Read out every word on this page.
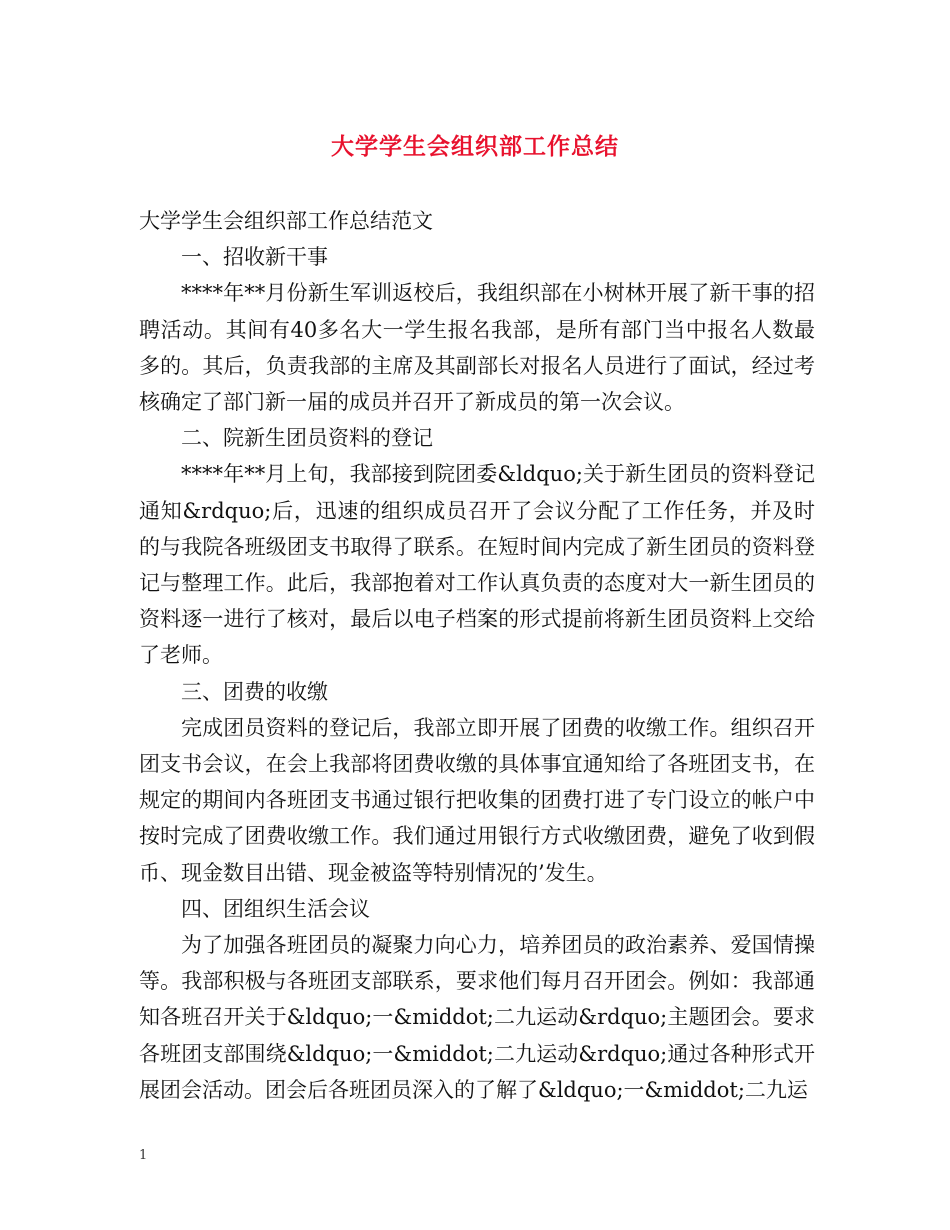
大学学生会组织部工作总结

大学学生会组织部工作总结范文

一、招收新干事

****年**月份新生军训返校后，我组织部在小树林开展了新干事的招聘活动。其间有40多名大一学生报名我部，是所有部门当中报名人数最多的。其后，负责我部的主席及其副部长对报名人员进行了面试，经过考核确定了部门新一届的成员并召开了新成员的第一次会议。

二、院新生团员资料的登记

****年**月上旬，我部接到院团委&ldquo;关于新生团员的资料登记通知&rdquo;后，迅速的组织成员召开了会议分配了工作任务，并及时的与我院各班级团支书取得了联系。在短时间内完成了新生团员的资料登记与整理工作。此后，我部抱着对工作认真负责的态度对大一新生团员的资料逐一进行了核对，最后以电子档案的形式提前将新生团员资料上交给了老师。

三、团费的收缴

完成团员资料的登记后，我部立即开展了团费的收缴工作。组织召开团支书会议，在会上我部将团费收缴的具体事宜通知给了各班团支书，在规定的期间内各班团支书通过银行把收集的团费打进了专门设立的帐户中按时完成了团费收缴工作。我们通过用银行方式收缴团费，避免了收到假币、现金数目出错、现金被盗等特别情况的’发生。

四、团组织生活会议

为了加强各班团员的凝聚力向心力，培养团员的政治素养、爱国情操等。我部积极与各班团支部联系，要求他们每月召开团会。例如：我部通知各班召开关于&ldquo;一&middot;二九运动&rdquo;主题团会。要求各班团支部围绕&ldquo;一&middot;二九运动&rdquo;通过各种形式开展团会活动。团会后各班团员深入的了解了&ldquo;一&middot;二九运

1
